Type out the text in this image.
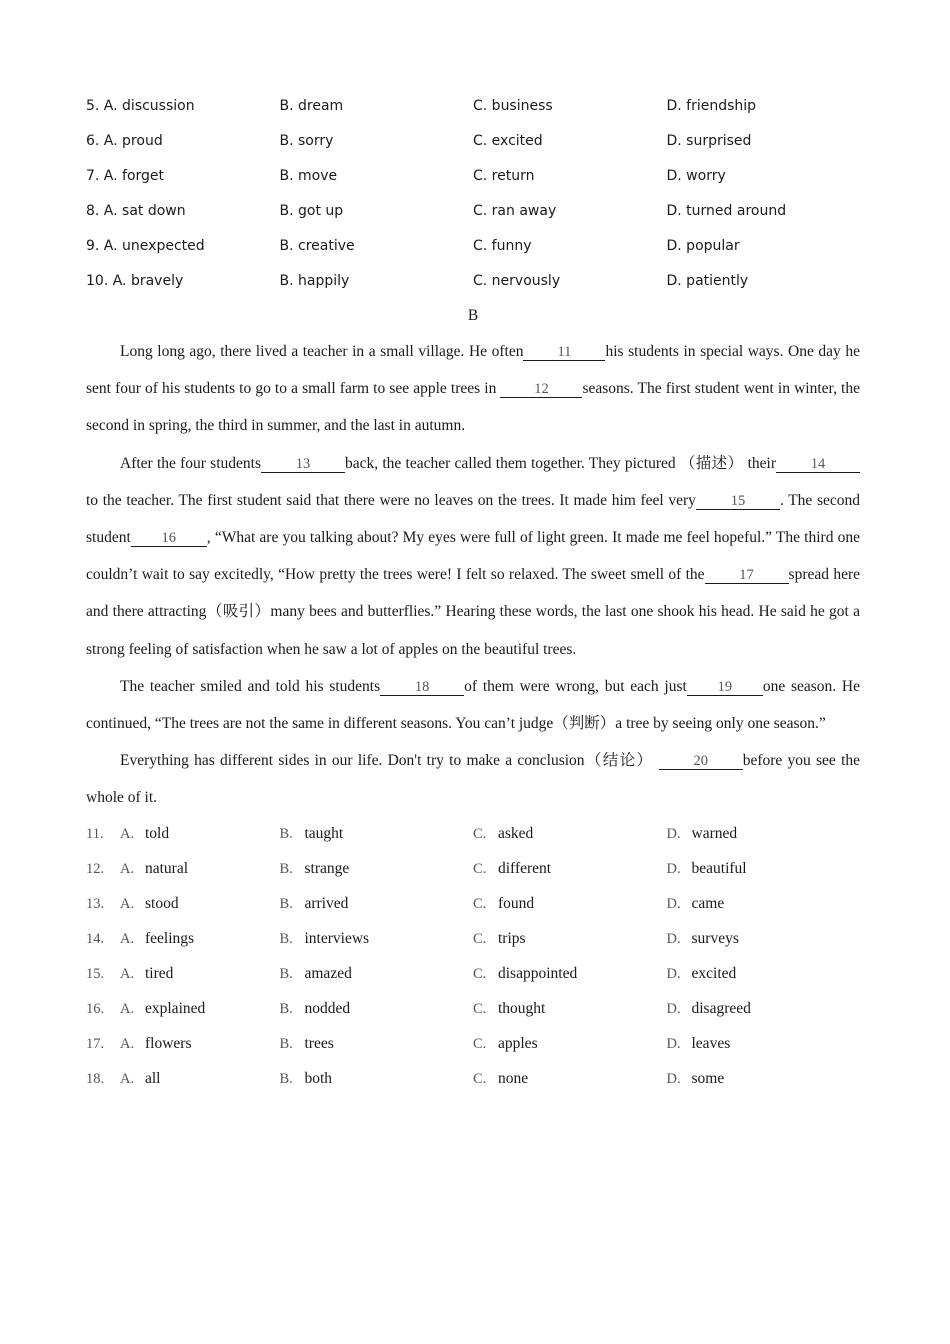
5. A. discussion	B. dream	C. business	D. friendship
6. A. proud	B. sorry	C. excited	D. surprised
7. A. forget	B. move	C. return	D. worry
8. A. sat down	B. got up	C. ran away	D. turned around
9. A. unexpected	B. creative	C. funny	D. popular
10. A. bravely	B. happily	C. nervously	D. patiently
B

Long long ago, there lived a teacher in a small village. He often 11 his students in special ways. One day he sent four of his students to go to a small farm to see apple trees in 12 seasons. The first student went in winter, the second in spring, the third in summer, and the last in autumn.

After the four students 13 back, the teacher called them together. They pictured （描述） their 14to the teacher. The first student said that there were no leaves on the trees. It made him feel very 15 . The second student 16 , “What are you talking about? My eyes were full of light green. It made me feel hopeful.” The third one couldn’t wait to say excitedly, “How pretty the trees were! I felt so relaxed. The sweet smell of the 17 spread here and there attracting（吸引）many bees and butterflies.” Hearing these words, the last one shook his head. He said he got a strong feeling of satisfaction when he saw a lot of apples on the beautiful trees.

The teacher smiled and told his students 18 of them were wrong, but each just 19 one season. He continued, “The trees are not the same in different seasons. You can’t judge（判断）a tree by seeing only one season.”

Everything has different sides in our life. Don't try to make a conclusion（结论） 20 before you see the whole of it.

11. A. told	B. taught	C. asked	D. warned
12. A. natural	B. strange	C. different	D. beautiful
13. A. stood	B. arrived	C. found	D. came
14. A. feelings	B. interviews	C. trips	D. surveys
15. A. tired	B. amazed	C. disappointed	D. excited
16. A. explained	B. nodded	C. thought	D. disagreed
17. A. flowers	B. trees	C. apples	D. leaves
18. A. all	B. both	C. none	D. some
